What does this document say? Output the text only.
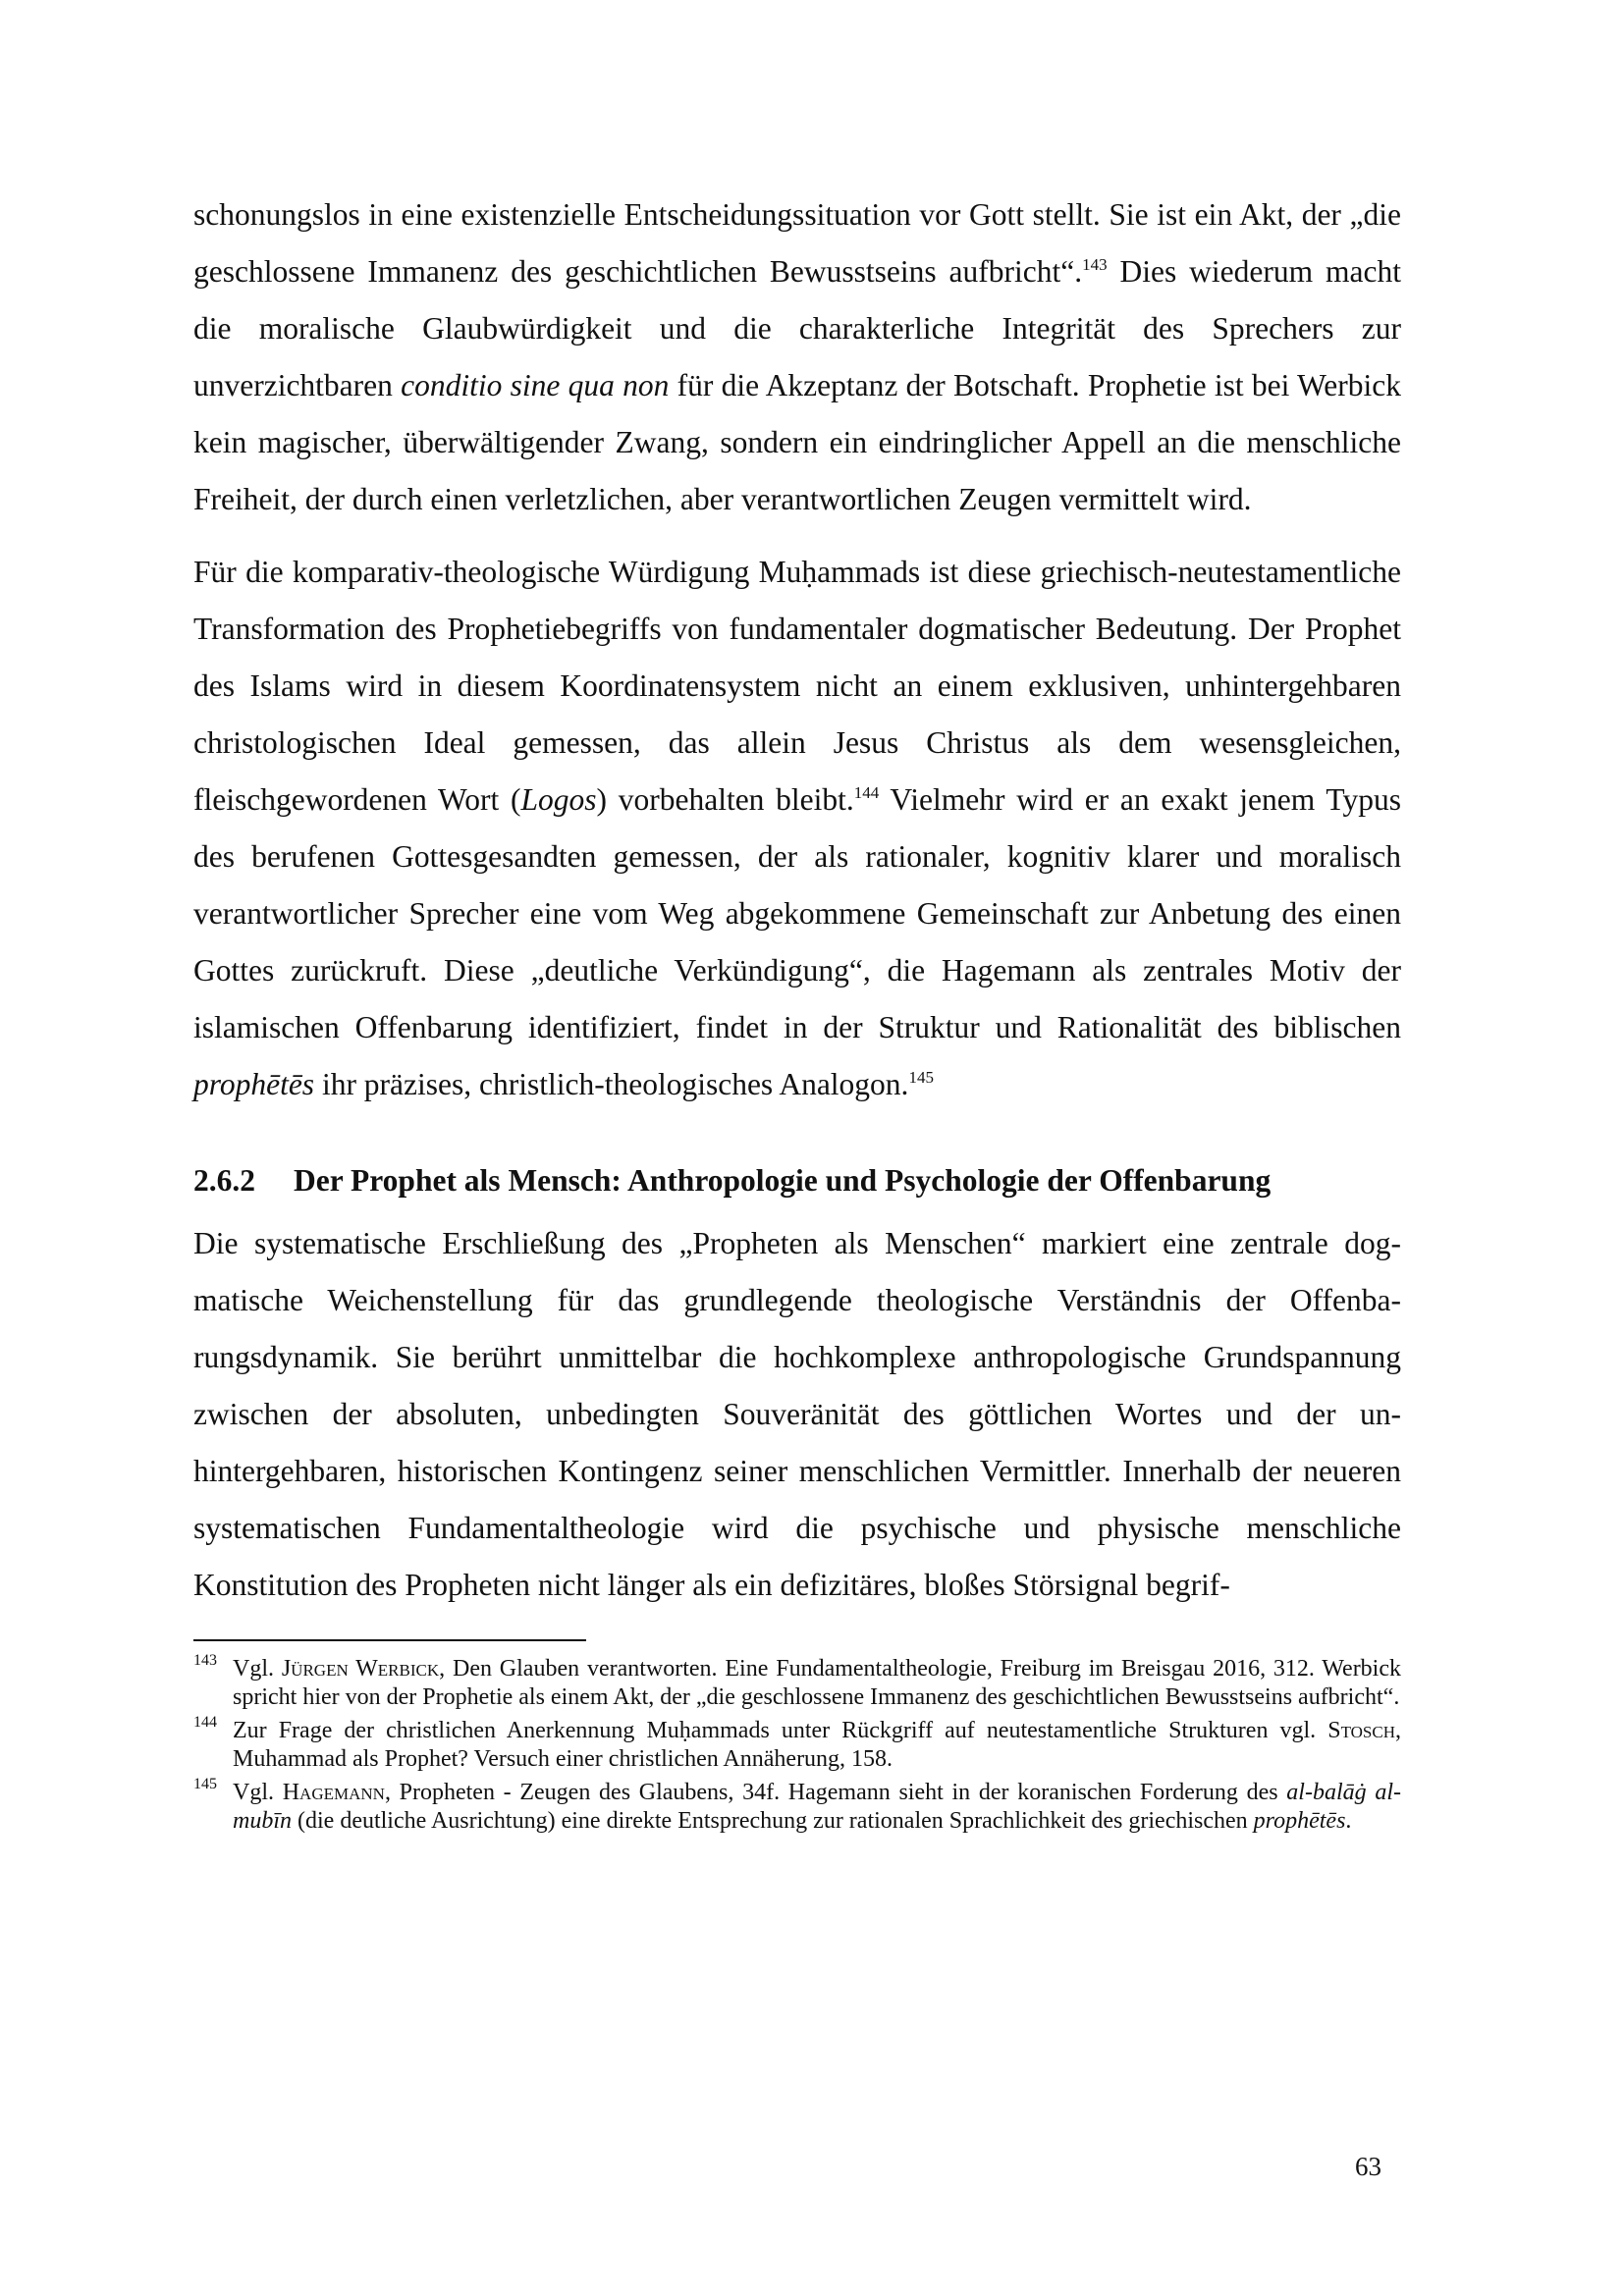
schonungslos in eine existenzielle Entscheidungssituation vor Gott stellt. Sie ist ein Akt, der „die geschlossene Immanenz des geschichtlichen Bewusstseins aufbricht“.$^{143}$ Dies wiederum macht die moralische Glaubwürdigkeit und die charakterliche Integrität des Sprechers zur unverzichtbaren conditio sine qua non für die Akzeptanz der Botschaft. Prophetie ist bei Werbick kein magischer, überwältigender Zwang, sondern ein eindringlicher Appell an die menschliche Freiheit, der durch einen verletzlichen, aber verantwortlichen Zeugen vermittelt wird.

Für die komparativ-theologische Würdigung Muḥammads ist diese griechisch-neutestamentliche Transformation des Prophetiebegriffs von fundamentaler dogmatischer Bedeutung. Der Prophet des Islams wird in diesem Koordinatensystem nicht an einem exklusiven, unhintergehbaren christologischen Ideal gemessen, das allein Jesus Christus als dem wesensgleichen, fleischgewordenen Wort (Logos) vorbehalten bleibt.$^{144}$ Vielmehr wird er an exakt jenem Typus des berufenen Gottesgesandten gemessen, der als rationaler, kognitiv klarer und moralisch verantwortlicher Sprecher eine vom Weg abgekommene Gemeinschaft zur Anbetung des einen Gottes zurückruft. Diese „deutliche Verkündigung“, die Hagemann als zentrales Motiv der islamischen Offenbarung identifiziert, findet in der Struktur und Rationalität des biblischen prophētēs ihr präzises, christlich-theologisches Analogon.$^{145}$

2.6.2 Der Prophet als Mensch: Anthropologie und Psychologie der Offenbarung

Die systematische Erschließung des „Propheten als Menschen“ markiert eine zentrale dogmatische Weichenstellung für das grundlegende theologische Verständnis der Offenbarungsdynamik. Sie berührt unmittelbar die hochkomplexe anthropologische Grundspannung zwischen der absoluten, unbedingten Souveränität des göttlichen Wortes und der unhintergehbaren, historischen Kontingenz seiner menschlichen Vermittler. Innerhalb der neueren systematischen Fundamentaltheologie wird die psychische und physische menschliche Konstitution des Propheten nicht länger als ein defizitäres, bloßes Störsignal begrif-

143 Vgl. Jürgen Werbick, Den Glauben verantworten. Eine Fundamentaltheologie, Freiburg im Breisgau 2016, 312. Werbick spricht hier von der Prophetie als einem Akt, der „die geschlossene Immanenz des geschichtlichen Bewusstseins aufbricht“.
144 Zur Frage der christlichen Anerkennung Muḥammads unter Rückgriff auf neutestamentliche Strukturen vgl. Stosch, Muhammad als Prophet? Versuch einer christlichen Annäherung, 158.
145 Vgl. Hagemann, Propheten - Zeugen des Glaubens, 34f. Hagemann sieht in der koranischen Forderung des al-balāġ al-mubīn (die deutliche Ausrichtung) eine direkte Entsprechung zur rationalen Sprachlichkeit des griechischen prophētēs.
63
